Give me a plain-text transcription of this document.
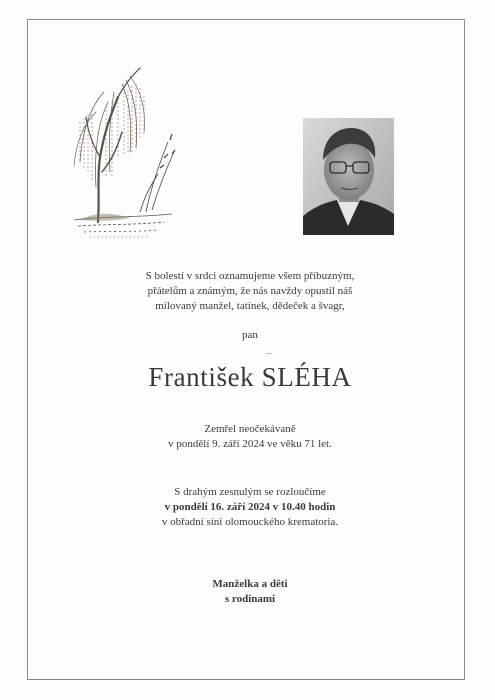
S bolestí v srdci oznamujeme všem příbuzným,
přátelům a známým, že nás navždy opustil náš
milovaný manžel, tatínek, dědeček a švagr,
pan
František SLÉHA
Zemřel neočekávaně
v pondělí 9. září 2024 ve věku 71 let.
S drahým zesnulým se rozloučíme
v pondělí 16. září 2024 v 10.40 hodin
v obřadní síni olomouckého krematoria.
Manželka a děti
s rodinami
